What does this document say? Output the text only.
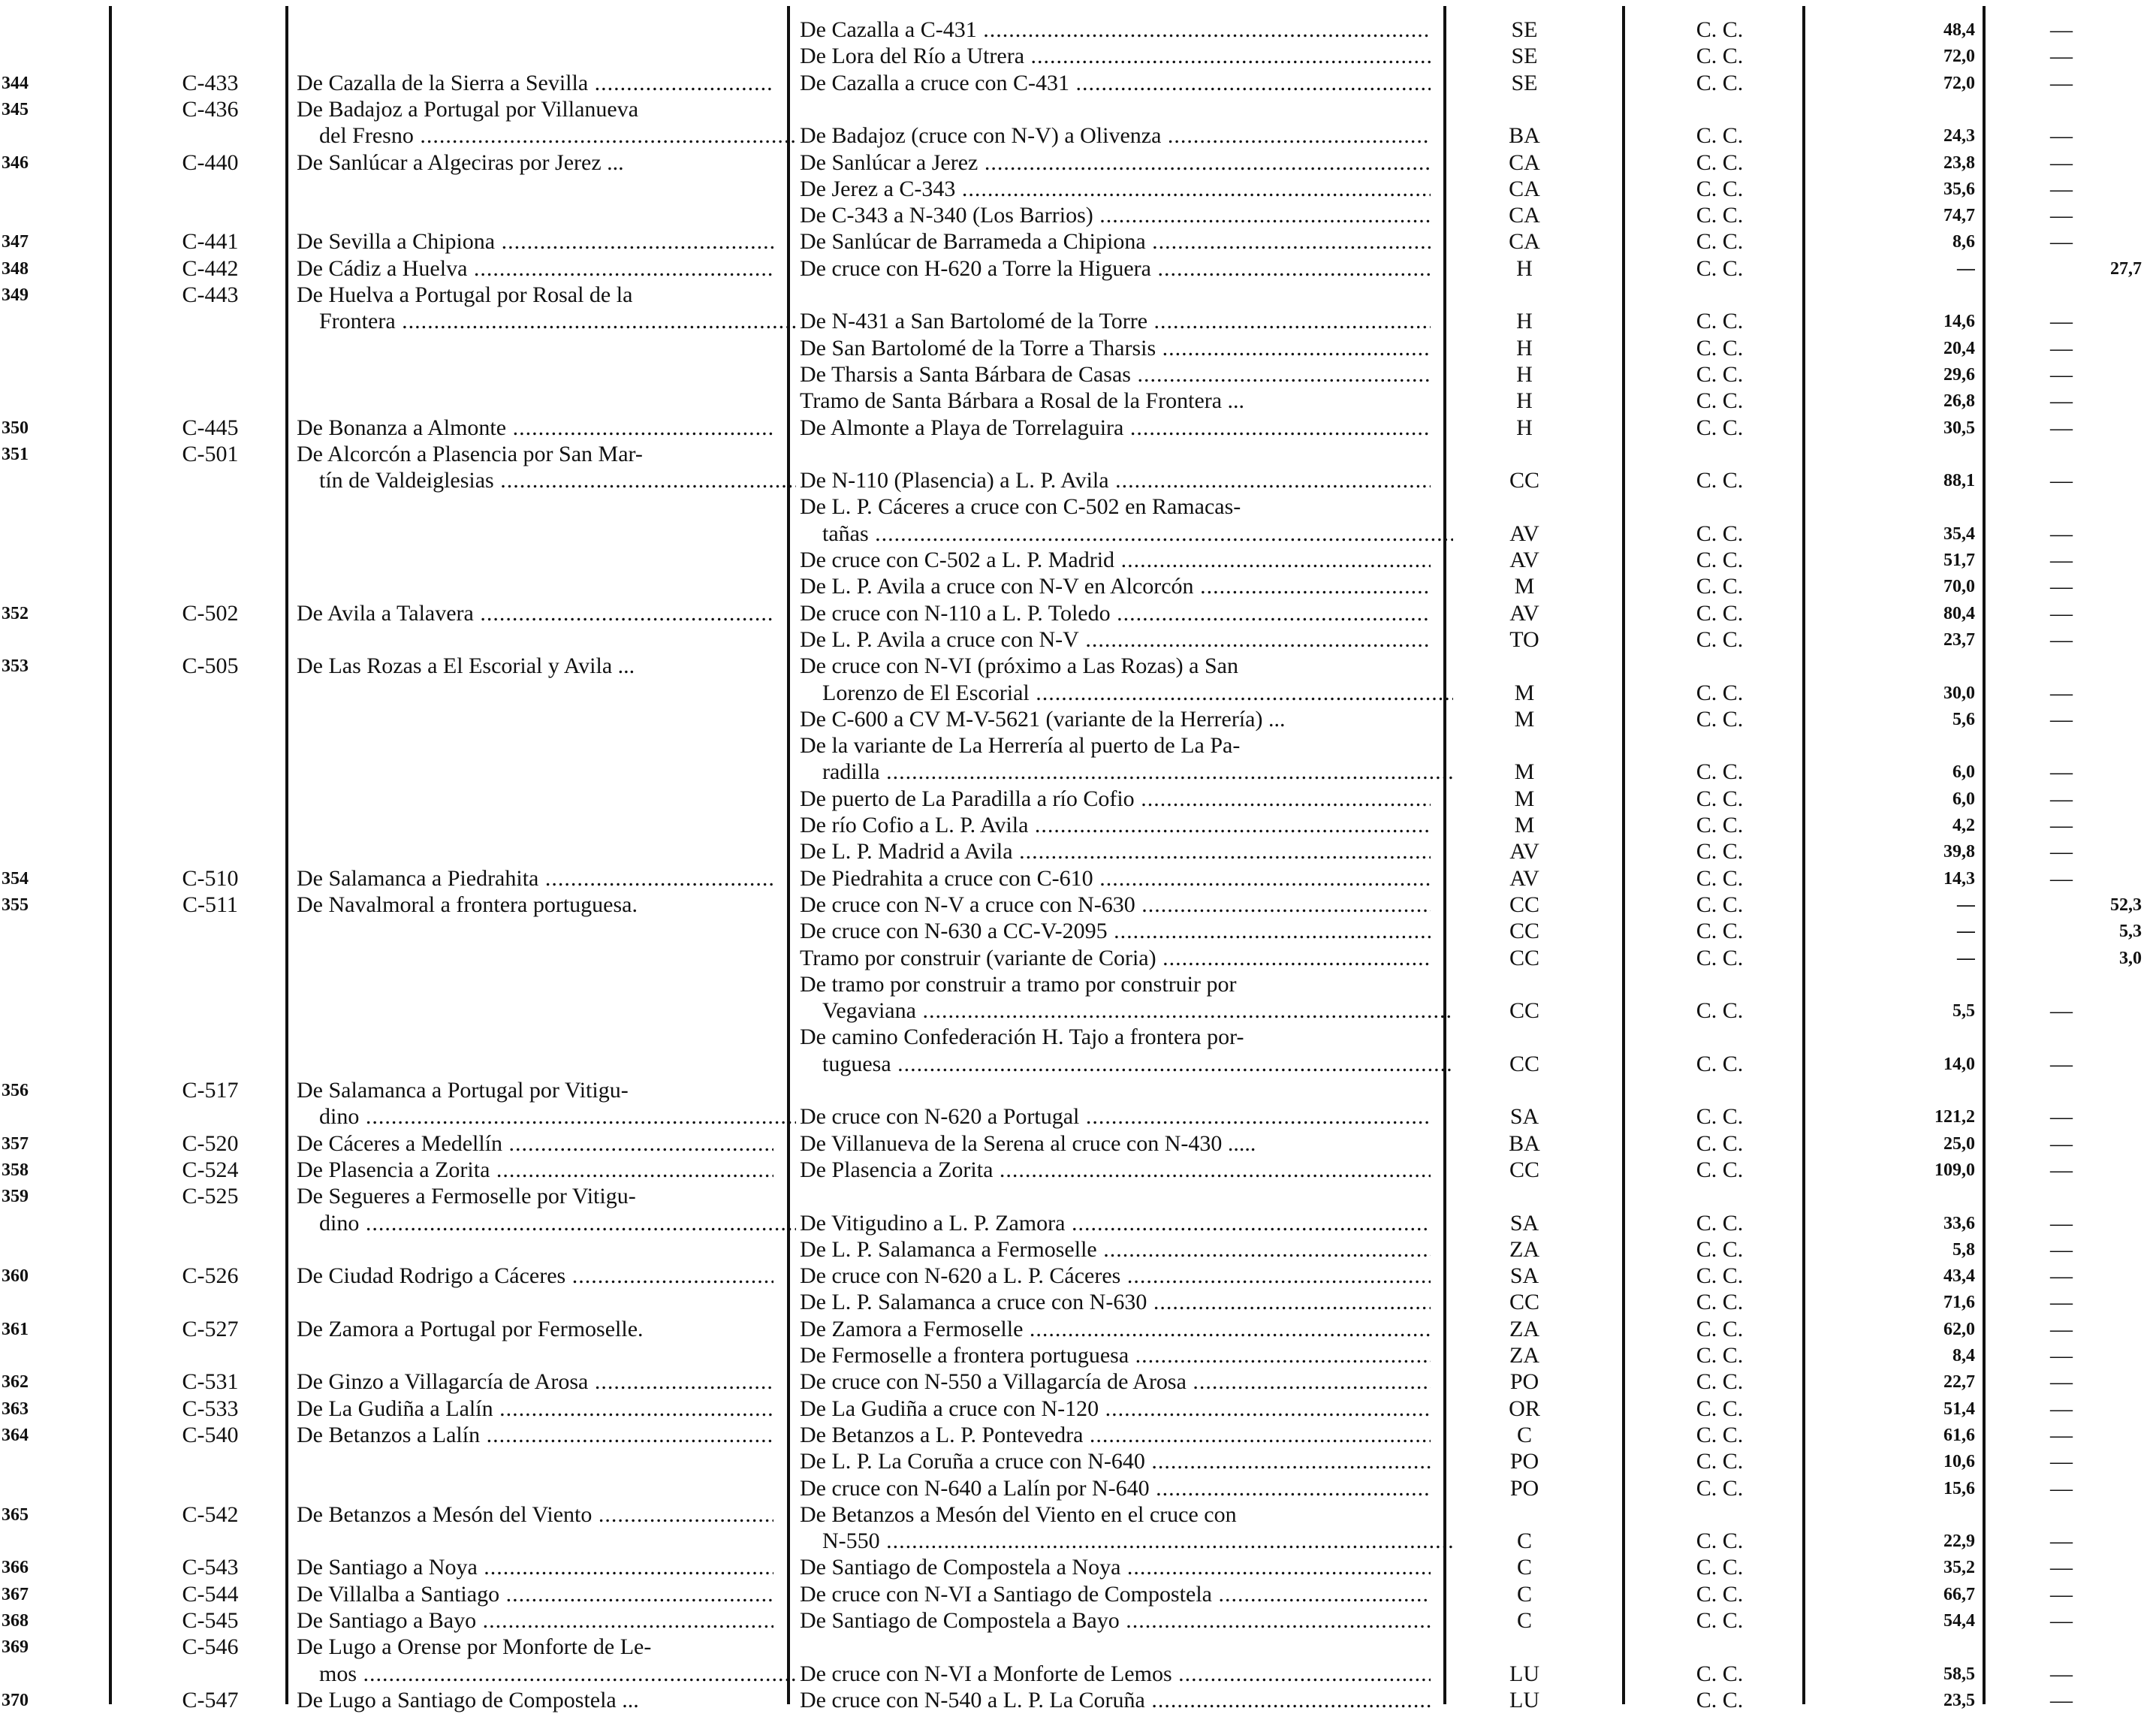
De Cazalla a C-431 .....	SE	C. C.	48,4	—
De Lora del Río a Utrera .....	SE	C. C.	72,0	—
344	C-433	De Cazalla de la Sierra a Sevilla .....	De Cazalla a cruce con C-431 .....	SE	C. C.	72,0	—
345	C-436	De Badajoz a Portugal por Villanueva
del Fresno .....	De Badajoz (cruce con N-V) a Olivenza .....	BA	C. C.	24,3	—
346	C-440	De Sanlúcar a Algeciras por Jerez ...	De Sanlúcar a Jerez .....	CA	C. C.	23,8	—
De Jerez a C-343 .....	CA	C. C.	35,6	—
De C-343 a N-340 (Los Barrios) .....	CA	C. C.	74,7	—
347	C-441	De Sevilla a Chipiona .....	De Sanlúcar de Barrameda a Chipiona .....	CA	C. C.	8,6	—
348	C-442	De Cádiz a Huelva .....	De cruce con H-620 a Torre la Higuera .....	H	C. C.	—	27,7
349	C-443	De Huelva a Portugal por Rosal de la
Frontera .....	De N-431 a San Bartolomé de la Torre .....	H	C. C.	14,6	—
De San Bartolomé de la Torre a Tharsis .....	H	C. C.	20,4	—
De Tharsis a Santa Bárbara de Casas .....	H	C. C.	29,6	—
Tramo de Santa Bárbara a Rosal de la Frontera ...	H	C. C.	26,8	—
350	C-445	De Bonanza a Almonte .....	De Almonte a Playa de Torrelaguira .....	H	C. C.	30,5	—
351	C-501	De Alcorcón a Plasencia por San Mar-
tín de Valdeiglesias .....	De N-110 (Plasencia) a L. P. Avila .....	CC	C. C.	88,1	—
De L. P. Cáceres a cruce con C-502 en Ramacas-
tañas .....	AV	C. C.	35,4	—
De cruce con C-502 a L. P. Madrid .....	AV	C. C.	51,7	—
De L. P. Avila a cruce con N-V en Alcorcón .....	M	C. C.	70,0	—
352	C-502	De Avila a Talavera .....	De cruce con N-110 a L. P. Toledo .....	AV	C. C.	80,4	—
De L. P. Avila a cruce con N-V .....	TO	C. C.	23,7	—
353	C-505	De Las Rozas a El Escorial y Avila ...	De cruce con N-VI (próximo a Las Rozas) a San
Lorenzo de El Escorial .....	M	C. C.	30,0	—
De C-600 a CV M-V-5621 (variante de la Herrería) ...	M	C. C.	5,6	—
De la variante de La Herrería al puerto de La Pa-
radilla .....	M	C. C.	6,0	—
De puerto de La Paradilla a río Cofio .....	M	C. C.	6,0	—
De río Cofio a L. P. Avila .....	M	C. C.	4,2	—
De L. P. Madrid a Avila .....	AV	C. C.	39,8	—
354	C-510	De Salamanca a Piedrahita .....	De Piedrahita a cruce con C-610 .....	AV	C. C.	14,3	—
355	C-511	De Navalmoral a frontera portuguesa.	De cruce con N-V a cruce con N-630 .....	CC	C. C.	—	52,3
De cruce con N-630 a CC-V-2095 .....	CC	C. C.	—	5,3
Tramo por construir (variante de Coria) .....	CC	C. C.	—	3,0
De tramo por construir a tramo por construir por
Vegaviana .....	CC	C. C.	5,5	—
De camino Confederación H. Tajo a frontera por-
tuguesa .....	CC	C. C.	14,0	—
356	C-517	De Salamanca a Portugal por Vitigu-
dino .....	De cruce con N-620 a Portugal .....	SA	C. C.	121,2	—
357	C-520	De Cáceres a Medellín .....	De Villanueva de la Serena al cruce con N-430 .....	BA	C. C.	25,0	—
358	C-524	De Plasencia a Zorita .....	De Plasencia a Zorita .....	CC	C. C.	109,0	—
359	C-525	De Segueres a Fermoselle por Vitigu-
dino .....	De Vitigudino a L. P. Zamora .....	SA	C. C.	33,6	—
De L. P. Salamanca a Fermoselle .....	ZA	C. C.	5,8	—
360	C-526	De Ciudad Rodrigo a Cáceres .....	De cruce con N-620 a L. P. Cáceres .....	SA	C. C.	43,4	—
De L. P. Salamanca a cruce con N-630 .....	CC	C. C.	71,6	—
361	C-527	De Zamora a Portugal por Fermoselle.	De Zamora a Fermoselle .....	ZA	C. C.	62,0	—
De Fermoselle a frontera portuguesa .....	ZA	C. C.	8,4	—
362	C-531	De Ginzo a Villagarcía de Arosa .....	De cruce con N-550 a Villagarcía de Arosa .....	PO	C. C.	22,7	—
363	C-533	De La Gudiña a Lalín .....	De La Gudiña a cruce con N-120 .....	OR	C. C.	51,4	—
364	C-540	De Betanzos a Lalín .....	De Betanzos a L. P. Pontevedra .....	C	C. C.	61,6	—
De L. P. La Coruña a cruce con N-640 .....	PO	C. C.	10,6	—
De cruce con N-640 a Lalín por N-640 .....	PO	C. C.	15,6	—
365	C-542	De Betanzos a Mesón del Viento .....	De Betanzos a Mesón del Viento en el cruce con
N-550 .....	C	C. C.	22,9	—
366	C-543	De Santiago a Noya .....	De Santiago de Compostela a Noya .....	C	C. C.	35,2	—
367	C-544	De Villalba a Santiago .....	De cruce con N-VI a Santiago de Compostela .....	C	C. C.	66,7	—
368	C-545	De Santiago a Bayo .....	De Santiago de Compostela a Bayo .....	C	C. C.	54,4	—
369	C-546	De Lugo a Orense por Monforte de Le-
mos .....	De cruce con N-VI a Monforte de Lemos .....	LU	C. C.	58,5	—
370	C-547	De Lugo a Santiago de Compostela ...	De cruce con N-540 a L. P. La Coruña .....	LU	C. C.	23,5	—
